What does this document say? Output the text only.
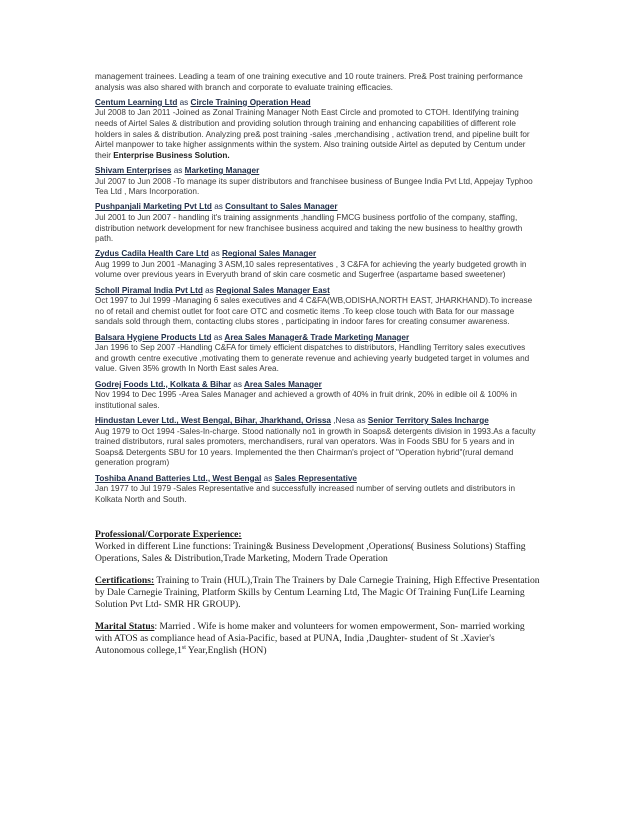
management trainees. Leading a team of one training executive and 10 route trainers. Pre& Post training performance analysis was also shared with branch and corporate to evaluate training efficacies.

Centum Learning Ltd as Circle Training Operation Head

Jul 2008 to Jan 2011 -Joined as Zonal Training Manager Noth East Circle and promoted to CTOH. Identifying training needs of Airtel Sales & distribution and providing solution through training and enhancing capabilities of different role holders in sales & distribution. Analyzing pre& post training -sales ,merchandising , activation trend, and pipeline built for Airtel manpower to take higher assignments within the system. Also training outside Airtel as deputed by Centum under their Enterprise Business Solution.

Shivam Enterprises as Marketing Manager

Jul 2007 to Jun 2008 -To manage its super distributors and franchisee business of Bungee India Pvt Ltd, Appejay Typhoo Tea Ltd , Mars Incorporation.

Pushpanjali Marketing Pvt Ltd as Consultant to Sales Manager

Jul 2001 to Jun 2007 - handling it's training assignments ,handling FMCG business portfolio of the company, staffing, distribution network development for new franchisee business acquired and taking the new business to healthy growth path.

Zydus Cadila Health Care Ltd as Regional Sales Manager

Aug 1999 to Jun 2001 -Managing 3 ASM,10 sales representatives , 3 C&FA for achieving the yearly budgeted growth in volume over previous years in Everyuth brand of skin care cosmetic and Sugerfree (aspartame based sweetener)

Scholl Piramal India Pvt Ltd as Regional Sales Manager East

Oct 1997 to Jul 1999 -Managing 6 sales executives and 4 C&FA(WB,ODISHA,NORTH EAST, JHARKHAND).To increase no of retail and chemist outlet for foot care OTC and cosmetic items .To keep close touch with Bata for our massage sandals sold through them, contacting clubs stores , participating in indoor fares for creating consumer awareness.

Balsara Hygiene Products Ltd as Area Sales Manager& Trade Marketing Manager

Jan 1996 to Sep 2007 -Handling C&FA for timely efficient dispatches to distributors, Handling Territory sales executives and growth centre executive ,motivating them to generate revenue and achieving yearly budgeted target in volumes and value. Given 35% growth In North East sales Area.

Godrej Foods Ltd., Kolkata & Bihar as Area Sales Manager

Nov 1994 to Dec 1995 -Area Sales Manager and achieved a growth of 40% in fruit drink, 20% in edible oil & 100% in institutional sales.

Hindustan Lever Ltd., West Bengal, Bihar, Jharkhand, Orissa ,Nesa as Senior Territory Sales Incharge

Aug 1979 to Oct 1994 -Sales-In-charge. Stood nationally no1 in growth in Soaps& detergents division in 1993.As a faculty trained distributors, rural sales promoters, merchandisers, rural van operators. Was in Foods SBU for 5 years and in Soaps& Detergents SBU for 10 years. Implemented the then Chairman's project of "Operation hybrid"(rural demand generation program)

Toshiba Anand Batteries Ltd., West Bengal as Sales Representative

Jan 1977 to Jul 1979 -Sales Representative and successfully increased number of serving outlets and distributors in Kolkata North and South.

Professional/Corporate Experience:
Worked in different Line functions: Training& Business Development ,Operations( Business Solutions) Staffing Operations, Sales & Distribution,Trade Marketing, Modern Trade Operation

Certifications: Training to Train (HUL),Train The Trainers by Dale Carnegie Training, High Effective Presentation by Dale Carnegie Training, Platform Skills by Centum Learning Ltd, The Magic Of Training Fun(Life Learning Solution Pvt Ltd- SMR HR GROUP).

Marital Status: Married . Wife is home maker and volunteers for women empowerment, Son- married working with ATOS as compliance head of Asia-Pacific, based at PUNA, India ,Daughter- student of St .Xavier's Autonomous college,1st Year,English (HON)
